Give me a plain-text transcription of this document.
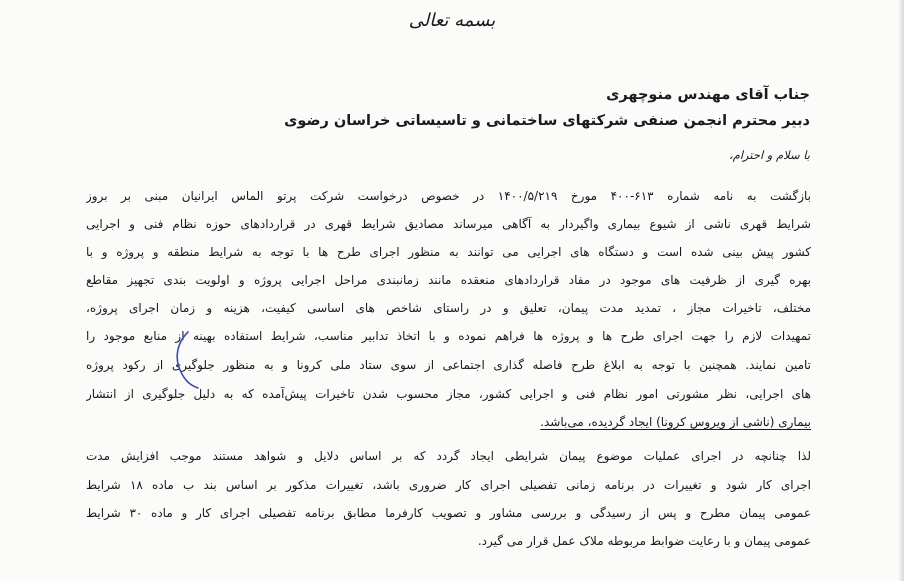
بسمه تعالی
جناب آقای مهندس منوچهری
دبیر محترم انجمن صنفی شرکتهای ساختمانی و تاسیساتی خراسان رضوی
با سلام و احترام،
بازگشت به نامه شماره ۶۱۳-۴۰۰ مورخ ۱۴۰۰/۵/۲۱۹ در خصوص درخواست شرکت پرتو الماس ایرانیان مبنی بر بروز
شرایط قهری ناشی از شیوع بیماری واگیردار به آگاهی میرساند مصادیق شرایط قهری در قراردادهای حوزه نظام فنی و اجرایی
کشور پیش بینی شده است و دستگاه های اجرایی می توانند به منظور اجرای طرح ها با توجه به شرایط منطقه و پروژه و با
بهره گیری از ظرفیت های موجود در مفاد قراردادهای منعقده مانند زمانبندی مراحل اجرایی پروژه و اولویت بندی تجهیز مقاطع
مختلف، تاخیرات مجاز ، تمدید مدت پیمان، تعلیق و در راستای شاخص های اساسی کیفیت، هزینه و زمان اجرای پروژه،
تمهیدات لازم را جهت اجرای طرح ها و پروژه ها فراهم نموده و با اتخاذ تدابیر مناسب، شرایط استفاده بهینه از منابع موجود را
تامین نمایند. همچنین با توجه به ابلاغ طرح فاصله گذاری اجتماعی از سوی ستاد ملی کرونا و به منظور جلوگیری از رکود پروژه
های اجرایی، نظر مشورتی امور نظام فنی و اجرایی کشور، مجاز محسوب شدن تاخیرات پیش‌آمده که به دلیل جلوگیری از انتشار
بیماری (ناشی از ویروس کرونا) ایجاد گردیده، می‌باشد.
لذا چنانچه در اجرای عملیات موضوع پیمان شرایطی ایجاد گردد که بر اساس دلایل و شواهد مستند موجب افزایش مدت
اجرای کار شود و تغییرات در برنامه زمانی تفصیلی اجرای کار ضروری باشد، تغییرات مذکور بر اساس بند ب ماده ۱۸ شرایط
عمومی پیمان مطرح و پس از رسیدگی و بررسی مشاور و تصویب کارفرما مطابق برنامه تفصیلی اجرای کار و ماده ۳۰ شرایط
عمومی پیمان و با رعایت ضوابط مربوطه ملاک عمل قرار می گیرد.
